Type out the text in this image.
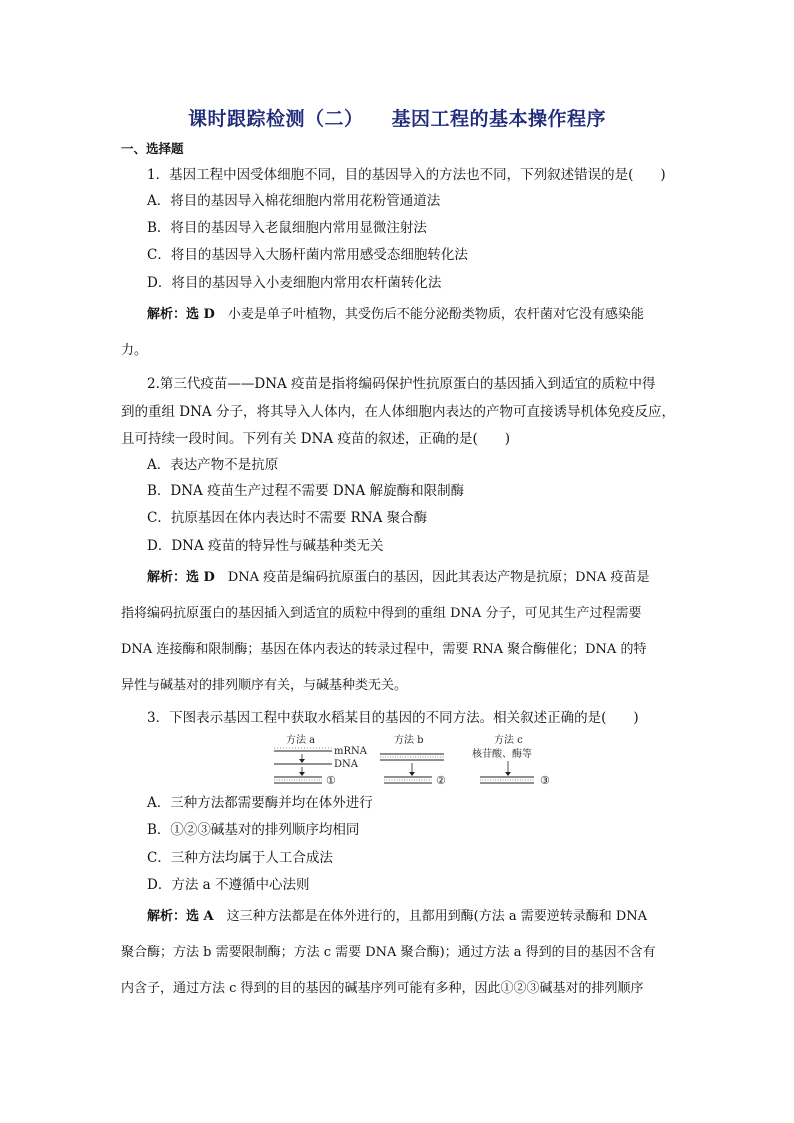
课时跟踪检测（二） 基因工程的基本操作程序
一、选择题
1．基因工程中因受体细胞不同，目的基因导入的方法也不同，下列叙述错误的是(　　)
A．将目的基因导入棉花细胞内常用花粉管通道法
B．将目的基因导入老鼠细胞内常用显微注射法
C．将目的基因导入大肠杆菌内常用感受态细胞转化法
D．将目的基因导入小麦细胞内常用农杆菌转化法
解析：选 D　小麦是单子叶植物，其受伤后不能分泌酚类物质，农杆菌对它没有感染能
力。
2.第三代疫苗——DNA 疫苗是指将编码保护性抗原蛋白的基因插入到适宜的质粒中得
到的重组 DNA 分子，将其导入人体内，在人体细胞内表达的产物可直接诱导机体免疫反应，
且可持续一段时间。下列有关 DNA 疫苗的叙述，正确的是(　　)
A．表达产物不是抗原
B．DNA 疫苗生产过程不需要 DNA 解旋酶和限制酶
C．抗原基因在体内表达时不需要 RNA 聚合酶
D．DNA 疫苗的特异性与碱基种类无关
解析：选 D　DNA 疫苗是编码抗原蛋白的基因，因此其表达产物是抗原；DNA 疫苗是
指将编码抗原蛋白的基因插入到适宜的质粒中得到的重组 DNA 分子，可见其生产过程需要
DNA 连接酶和限制酶；基因在体内表达的转录过程中，需要 RNA 聚合酶催化；DNA 的特
异性与碱基对的排列顺序有关，与碱基种类无关。
3．下图表示基因工程中获取水稻某目的基因的不同方法。相关叙述正确的是(　　)
方法 a
mRNA
DNA
①
方法 b
②
方法 c
核苷酸、酶等
③
A．三种方法都需要酶并均在体外进行
B．①②③碱基对的排列顺序均相同
C．三种方法均属于人工合成法
D．方法 a 不遵循中心法则
解析：选 A　这三种方法都是在体外进行的，且都用到酶(方法 a 需要逆转录酶和 DNA
聚合酶；方法 b 需要限制酶；方法 c 需要 DNA 聚合酶)；通过方法 a 得到的目的基因不含有
内含子，通过方法 c 得到的目的基因的碱基序列可能有多种，因此①②③碱基对的排列顺序
